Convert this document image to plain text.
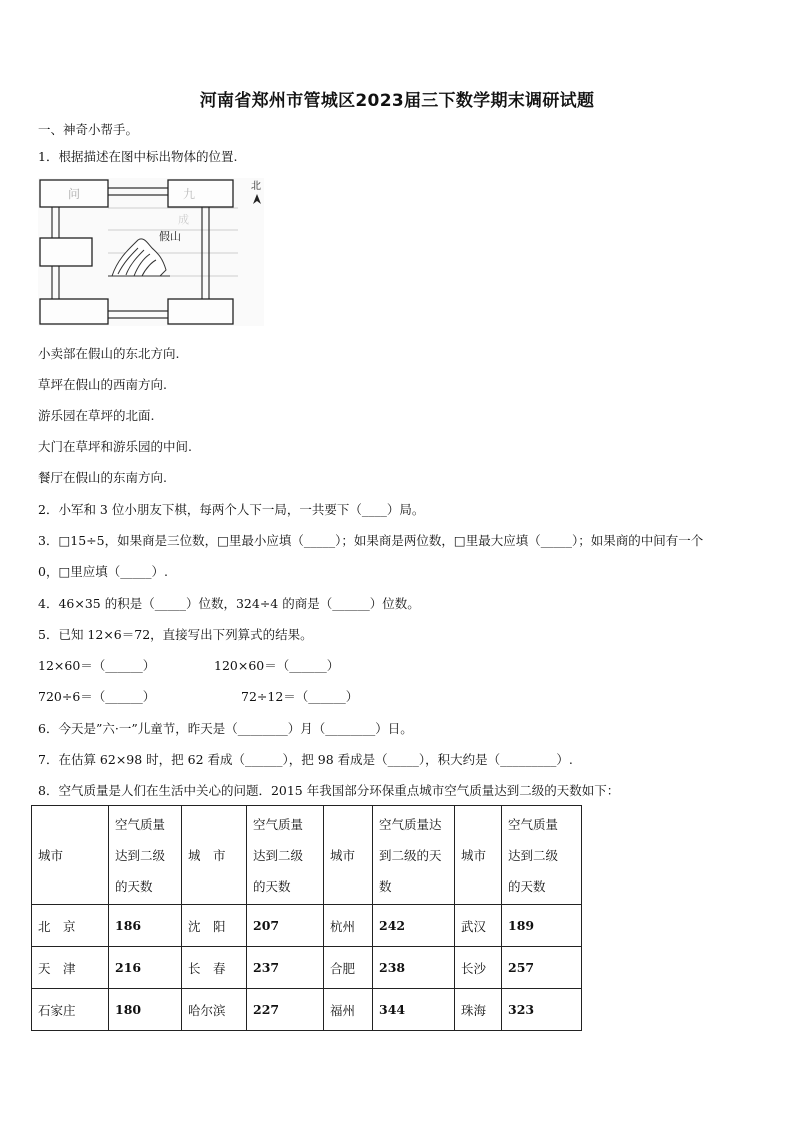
河南省郑州市管城区2023届三下数学期末调研试题
一、神奇小帮手。
1．根据描述在图中标出物体的位置.
问	九
成
假山
北
小卖部在假山的东北方向.
草坪在假山的西南方向.
游乐园在草坪的北面.
大门在草坪和游乐园的中间.
餐厅在假山的东南方向.
2．小军和 3 位小朋友下棋，每两个人下一局，一共要下（____）局。
3．□15÷5，如果商是三位数，□里最小应填（_____）；如果商是两位数，□里最大应填（_____）；如果商的中间有一个
0，□里应填（_____）.
4．46×35 的积是（_____）位数，324÷4 的商是（______）位数。
5．已知 12×6＝72，直接写出下列算式的结果。
12×60＝（______）	120×60＝（______）
720÷6＝（______）	72÷12＝（______）
6．今天是”六·一”儿童节，昨天是（________）月（________）日。
7．在估算 62×98 时，把 62 看成（______），把 98 看成是（_____），积大约是（_________）.
8．空气质量是人们在生活中关心的问题．2015 年我国部分环保重点城市空气质量达到二级的天数如下：
城市	空气质量
达到二级
的天数	城　市	空气质量
达到二级
的天数	城市	空气质量达
到二级的天
数	城市	空气质量
达到二级
的天数
北　京	186	沈　阳	207	杭州	242	武汉	189
天　津	216	长　春	237	合肥	238	长沙	257
石家庄	180	哈尔滨	227	福州	344	珠海	323
